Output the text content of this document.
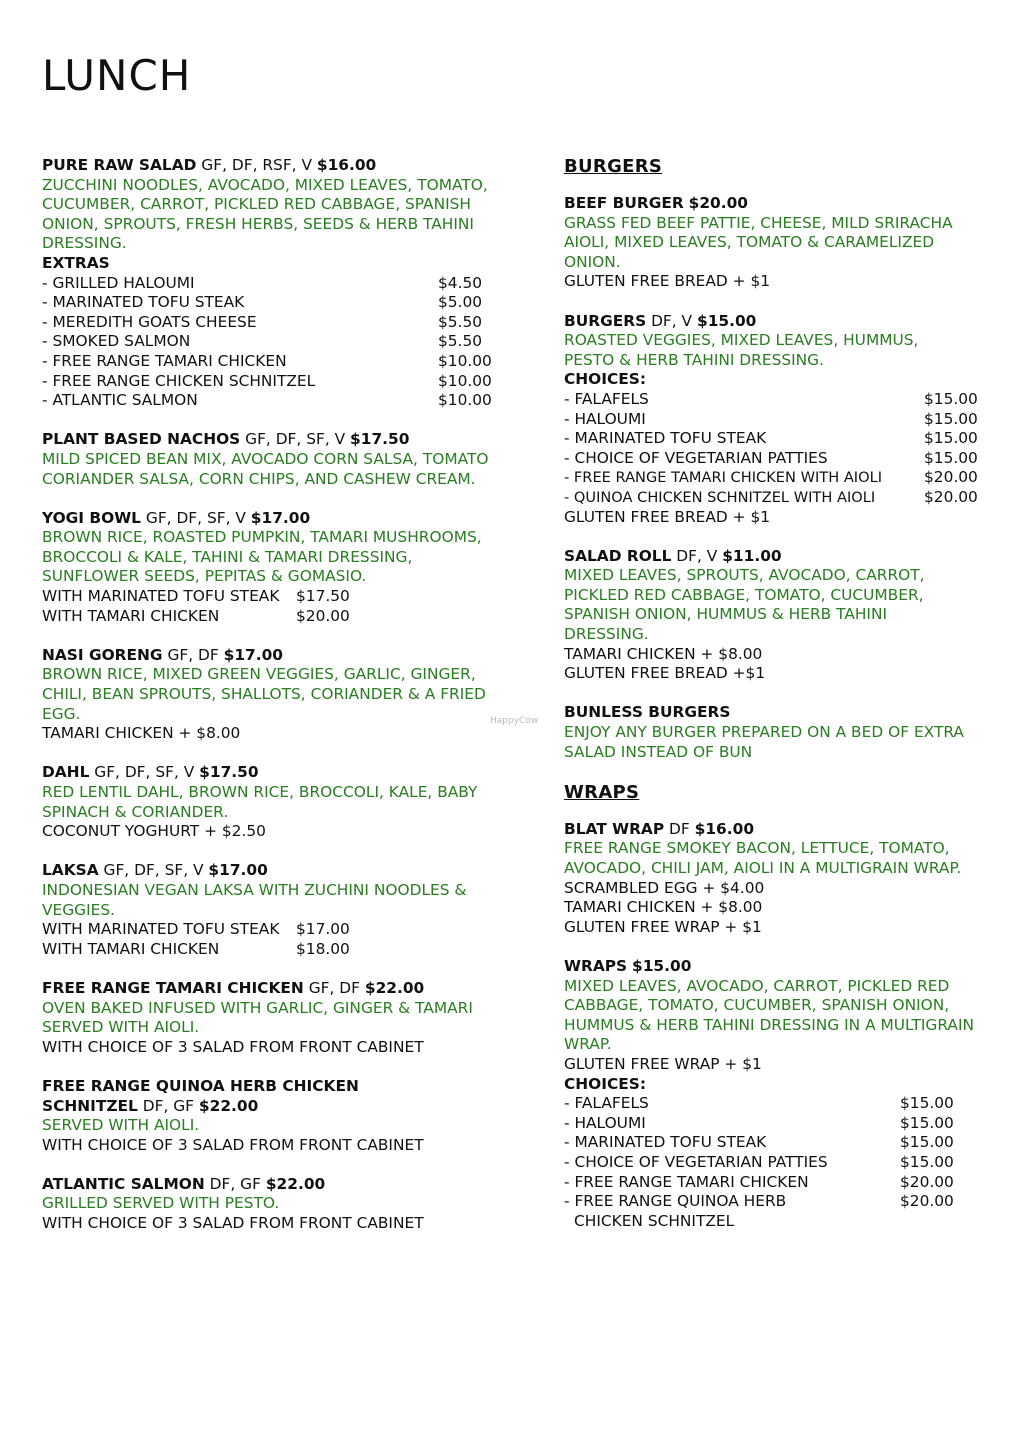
LUNCH
HappyCow
PURE RAW SALAD GF, DF, RSF, V $16.00
ZUCCHINI NOODLES, AVOCADO, MIXED LEAVES, TOMATO, CUCUMBER, CARROT, PICKLED RED CABBAGE, SPANISH ONION, SPROUTS, FRESH HERBS, SEEDS & HERB TAHINI DRESSING.
EXTRAS
- GRILLED HALOUMI	$4.50
- MARINATED TOFU STEAK	$5.00
- MEREDITH GOATS CHEESE	$5.50
- SMOKED SALMON	$5.50
- FREE RANGE TAMARI CHICKEN	$10.00
- FREE RANGE CHICKEN SCHNITZEL	$10.00
- ATLANTIC SALMON	$10.00
PLANT BASED NACHOS GF, DF, SF, V $17.50
MILD SPICED BEAN MIX, AVOCADO CORN SALSA, TOMATO CORIANDER SALSA, CORN CHIPS, AND CASHEW CREAM.
YOGI BOWL GF, DF, SF, V $17.00
BROWN RICE, ROASTED PUMPKIN, TAMARI MUSHROOMS, BROCCOLI & KALE, TAHINI & TAMARI DRESSING, SUNFLOWER SEEDS, PEPITAS & GOMASIO.
WITH MARINATED TOFU STEAK	$17.50
WITH TAMARI CHICKEN	$20.00
NASI GORENG GF, DF $17.00
BROWN RICE, MIXED GREEN VEGGIES, GARLIC, GINGER, CHILI, BEAN SPROUTS, SHALLOTS, CORIANDER & A FRIED EGG.
TAMARI CHICKEN + $8.00
DAHL GF, DF, SF, V $17.50
RED LENTIL DAHL, BROWN RICE, BROCCOLI, KALE, BABY SPINACH & CORIANDER.
COCONUT YOGHURT + $2.50
LAKSA GF, DF, SF, V $17.00
INDONESIAN VEGAN LAKSA WITH ZUCHINI NOODLES & VEGGIES.
WITH MARINATED TOFU STEAK	$17.00
WITH TAMARI CHICKEN	$18.00
FREE RANGE TAMARI CHICKEN GF, DF $22.00
OVEN BAKED INFUSED WITH GARLIC, GINGER & TAMARI SERVED WITH AIOLI.
WITH CHOICE OF 3 SALAD FROM FRONT CABINET
FREE RANGE QUINOA HERB CHICKEN SCHNITZEL DF, GF $22.00
SERVED WITH AIOLI.
WITH CHOICE OF 3 SALAD FROM FRONT CABINET
ATLANTIC SALMON DF, GF $22.00
GRILLED SERVED WITH PESTO.
WITH CHOICE OF 3 SALAD FROM FRONT CABINET
BURGERS
BEEF BURGER $20.00
GRASS FED BEEF PATTIE, CHEESE, MILD SRIRACHA AIOLI, MIXED LEAVES, TOMATO & CARAMELIZED ONION.
GLUTEN FREE BREAD + $1
BURGERS DF, V $15.00
ROASTED VEGGIES, MIXED LEAVES, HUMMUS, PESTO & HERB TAHINI DRESSING.
CHOICES:
- FALAFELS	$15.00
- HALOUMI	$15.00
- MARINATED TOFU STEAK	$15.00
- CHOICE OF VEGETARIAN PATTIES	$15.00
- FREE RANGE TAMARI CHICKEN WITH AIOLI	$20.00
- QUINOA CHICKEN SCHNITZEL WITH AIOLI	$20.00
GLUTEN FREE BREAD + $1
SALAD ROLL DF, V $11.00
MIXED LEAVES, SPROUTS, AVOCADO, CARROT, PICKLED RED CABBAGE, TOMATO, CUCUMBER, SPANISH ONION, HUMMUS & HERB TAHINI DRESSING.
TAMARI CHICKEN + $8.00
GLUTEN FREE BREAD +$1
BUNLESS BURGERS
ENJOY ANY BURGER PREPARED ON A BED OF EXTRA SALAD INSTEAD OF BUN
WRAPS
BLAT WRAP DF $16.00
FREE RANGE SMOKEY BACON, LETTUCE, TOMATO, AVOCADO, CHILI JAM, AIOLI IN A MULTIGRAIN WRAP.
SCRAMBLED EGG + $4.00
TAMARI CHICKEN + $8.00
GLUTEN FREE WRAP + $1
WRAPS $15.00
MIXED LEAVES, AVOCADO, CARROT, PICKLED RED CABBAGE, TOMATO, CUCUMBER, SPANISH ONION, HUMMUS & HERB TAHINI DRESSING IN A MULTIGRAIN WRAP.
GLUTEN FREE WRAP + $1
CHOICES:
- FALAFELS	$15.00
- HALOUMI	$15.00
- MARINATED TOFU STEAK	$15.00
- CHOICE OF VEGETARIAN PATTIES	$15.00
- FREE RANGE TAMARI CHICKEN	$20.00
- FREE RANGE QUINOA HERB	$20.00
CHICKEN SCHNITZEL
